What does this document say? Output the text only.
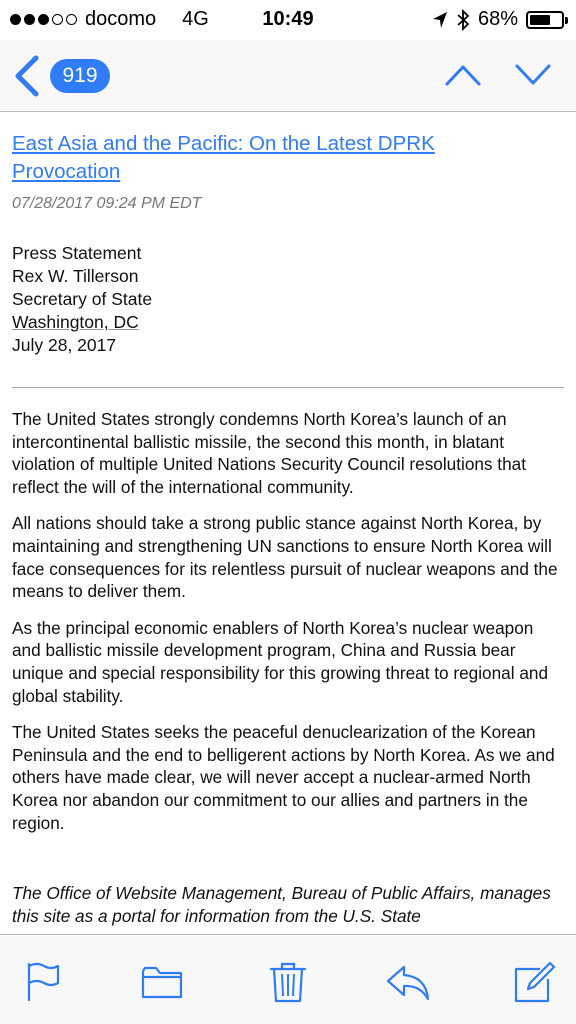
docomo 4G	10:49	68%
919
East Asia and the Pacific: On the Latest DPRK Provocation
07/28/2017 09:24 PM EDT
Press Statement
Rex W. Tillerson
Secretary of State
Washington, DC
July 28, 2017

The United States strongly condemns North Korea’s launch of an intercontinental ballistic missile, the second this month, in blatant violation of multiple United Nations Security Council resolutions that reflect the will of the international community.

All nations should take a strong public stance against North Korea, by maintaining and strengthening UN sanctions to ensure North Korea will face consequences for its relentless pursuit of nuclear weapons and the means to deliver them.

As the principal economic enablers of North Korea’s nuclear weapon and ballistic missile development program, China and Russia bear unique and special responsibility for this growing threat to regional and global stability.

The United States seeks the peaceful denuclearization of the Korean Peninsula and the end to belligerent actions by North Korea. As we and others have made clear, we will never accept a nuclear-armed North Korea nor abandon our commitment to our allies and partners in the region.

The Office of Website Management, Bureau of Public Affairs, manages this site as a portal for information from the U.S. State
